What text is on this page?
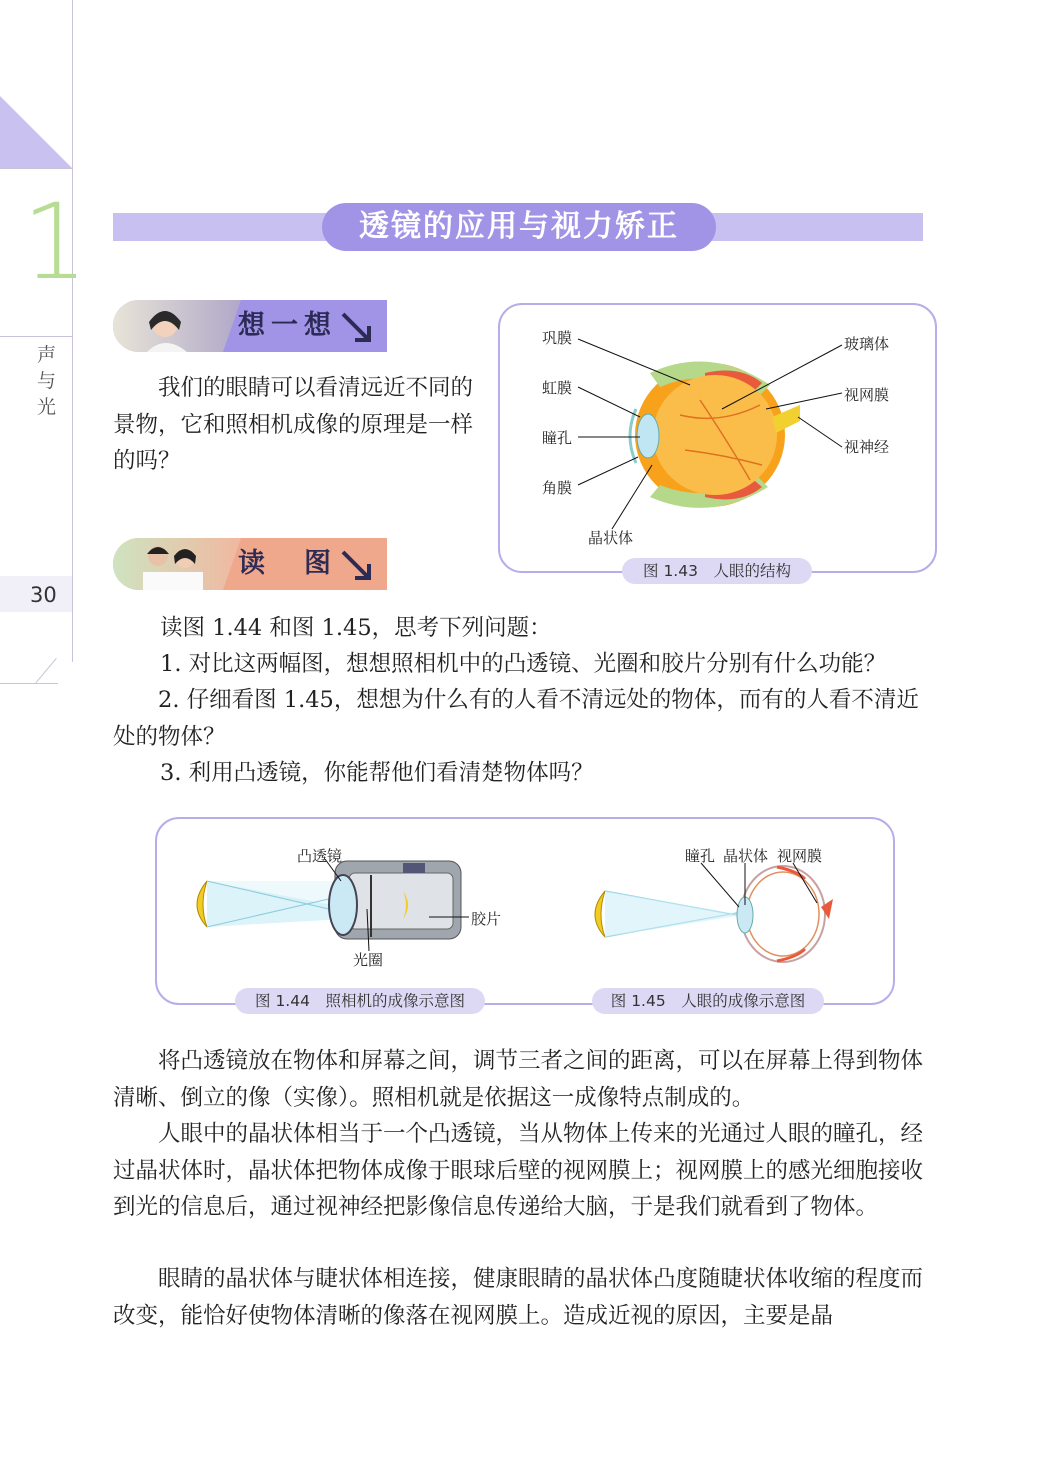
1
声与光
30
透镜的应用与视力矫正
想一想
我们的眼睛可以看清远近不同的景物，它和照相机成像的原理是一样的吗？
读　图
巩膜
虹膜
瞳孔
角膜
晶状体
玻璃体
视网膜
视神经
图 1.43　人眼的结构
读图 1.44 和图 1.45，思考下列问题：
1. 对比这两幅图，想想照相机中的凸透镜、光圈和胶片分别有什么功能？
2. 仔细看图 1.45，想想为什么有的人看不清远处的物体，而有的人看不清近处的物体？
3. 利用凸透镜，你能帮他们看清楚物体吗？
凸透镜
光圈
胶片
瞳孔 晶状体 视网膜
图 1.44　照相机的成像示意图	图 1.45　人眼的成像示意图
将凸透镜放在物体和屏幕之间，调节三者之间的距离，可以在屏幕上得到物体清晰、倒立的像（实像）。照相机就是依据这一成像特点制成的。
人眼中的晶状体相当于一个凸透镜，当从物体上传来的光通过人眼的瞳孔，经过晶状体时，晶状体把物体成像于眼球后壁的视网膜上；视网膜上的感光细胞接收到光的信息后，通过视神经把影像信息传递给大脑，于是我们就看到了物体。
眼睛的晶状体与睫状体相连接，健康眼睛的晶状体凸度随睫状体收缩的程度而改变，能恰好使物体清晰的像落在视网膜上。造成近视的原因，主要是晶
